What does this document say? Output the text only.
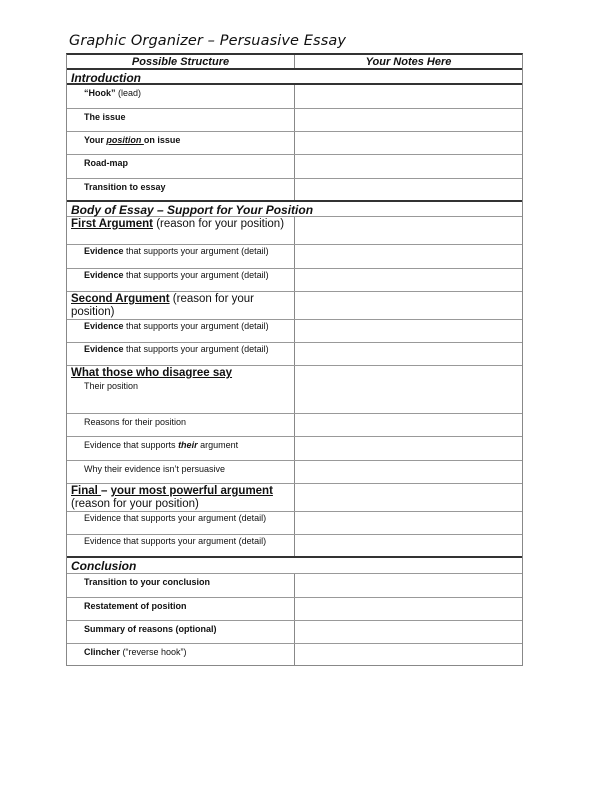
Graphic Organizer – Persuasive Essay
Possible Structure	Your Notes Here
Introduction
“Hook” (lead)
The issue
Your position on issue
Road-map
Transition to essay
Body of Essay – Support for Your Position
First Argument (reason for your position)
Evidence that supports your argument (detail)
Evidence that supports your argument (detail)
Second Argument (reason for your position)
Evidence that supports your argument (detail)
Evidence that supports your argument (detail)
What those who disagree say
Their position
Reasons for their position
Evidence that supports their argument
Why their evidence isn’t persuasive
Final – your most powerful argument
(reason for your position)
Evidence that supports your argument (detail)
Evidence that supports your argument (detail)
Conclusion
Transition to your conclusion
Restatement of position
Summary of reasons (optional)
Clincher (“reverse hook”)
